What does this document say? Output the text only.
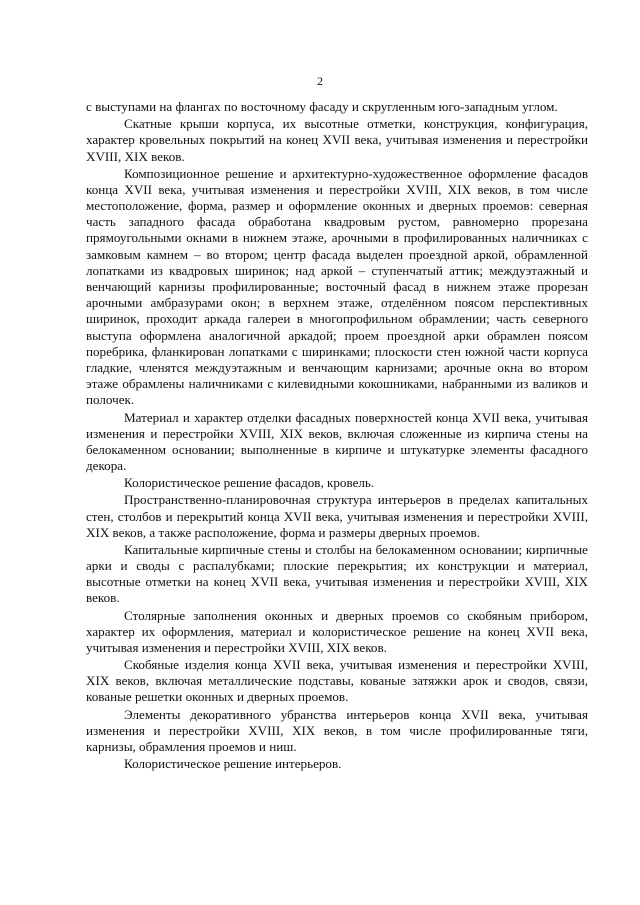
2

с выступами на флангах по восточному фасаду и скругленным юго-западным углом.

Скатные крыши корпуса, их высотные отметки, конструкция, конфигурация, характер кровельных покрытий на конец XVII века, учитывая изменения и перестройки XVIII, XIX веков.

Композиционное решение и архитектурно-художественное оформление фасадов конца XVII века, учитывая изменения и перестройки XVIII, XIX веков, в том числе местоположение, форма, размер и оформление оконных и дверных проемов: северная часть западного фасада обработана квадровым рустом, равномерно прорезана прямоугольными окнами в нижнем этаже, арочными в профилированных наличниках с замковым камнем – во втором; центр фасада выделен проездной аркой, обрамленной лопатками из квадровых ширинок; над аркой – ступенчатый аттик; междуэтажный и венчающий карнизы профилированные; восточный фасад в нижнем этаже прорезан арочными амбразурами окон; в верхнем этаже, отделённом поясом перспективных ширинок, проходит аркада галереи в многопрофильном обрамлении; часть северного выступа оформлена аналогичной аркадой; проем проездной арки обрамлен поясом поребрика, фланкирован лопатками с ширинками; плоскости стен южной части корпуса гладкие, членятся междуэтажным и венчающим карнизами; арочные окна во втором этаже обрамлены наличниками с килевидными кокошниками, набранными из валиков и полочек.

Материал и характер отделки фасадных поверхностей конца XVII века, учитывая изменения и перестройки XVIII, XIX веков, включая сложенные из кирпича стены на белокаменном основании; выполненные в кирпиче и штукатурке элементы фасадного декора.

Колористическое решение фасадов, кровель.

Пространственно-планировочная структура интерьеров в пределах капитальных стен, столбов и перекрытий конца XVII века, учитывая изменения и перестройки XVIII, XIX веков, а также расположение, форма и размеры дверных проемов.

Капитальные кирпичные стены и столбы на белокаменном основании; кирпичные арки и своды с распалубками; плоские перекрытия; их конструкции и материал, высотные отметки на конец XVII века, учитывая изменения и перестройки XVIII, XIX веков.

Столярные заполнения оконных и дверных проемов со скобяным прибором, характер их оформления, материал и колористическое решение на конец XVII века, учитывая изменения и перестройки XVIII, XIX веков.

Скобяные изделия конца XVII века, учитывая изменения и перестройки XVIII, XIX веков, включая металлические подставы, кованые затяжки арок и сводов, связи, кованые решетки оконных и дверных проемов.

Элементы декоративного убранства интерьеров конца XVII века, учитывая изменения и перестройки XVIII, XIX веков, в том числе профилированные тяги, карнизы, обрамления проемов и ниш.

Колористическое решение интерьеров.
